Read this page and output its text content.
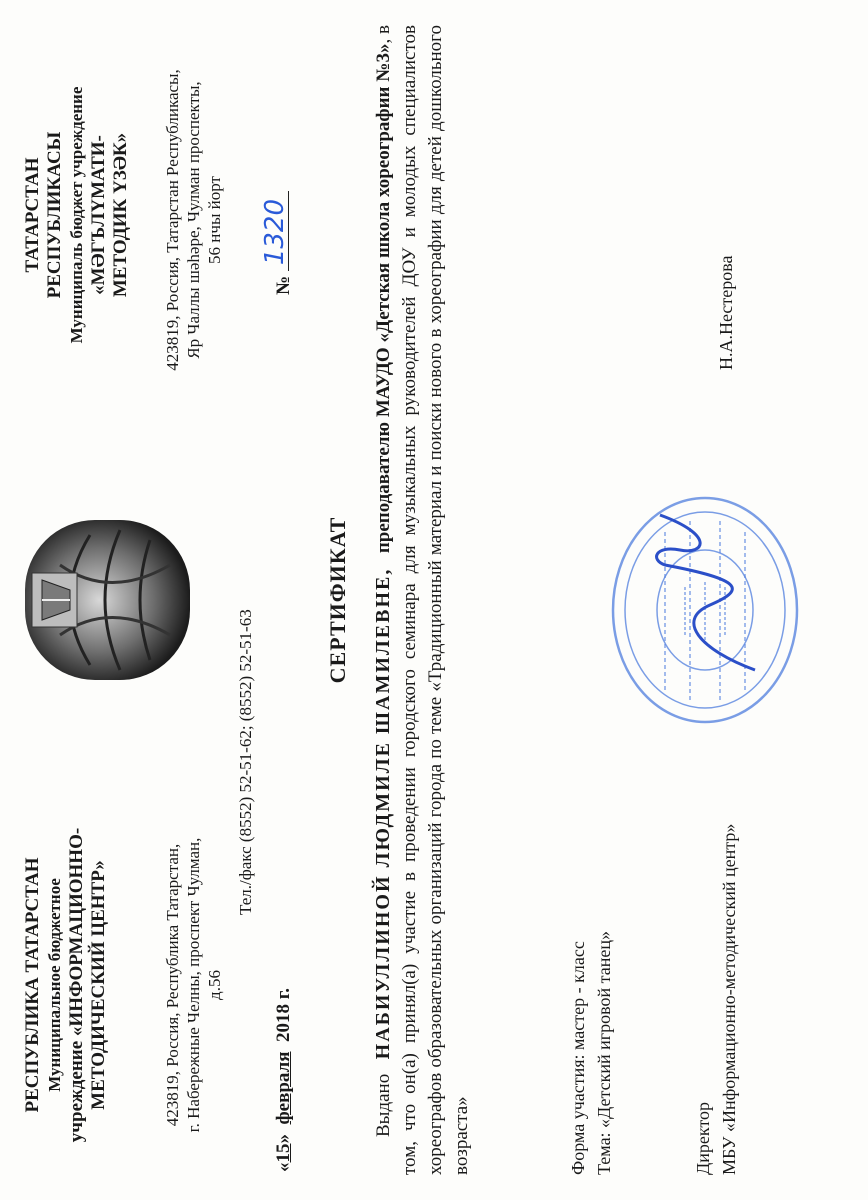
РЕСПУБЛИКА ТАТАРСТАН Муниципальное бюджетное учреждение «ИНФОРМАЦИОННО- МЕТОДИЧЕСКИЙ ЦЕНТР»	423819, Россия, Республика Татарстан, г. Набережные Челны, проспект Чулман, д.56
Тел./факс (8552) 52-51-62; (8552) 52-51-63
ТАТАРСТАН РЕСПУБЛИКАСЫ Муниципаль бюджет учреждение «МӘГЪЛҮМАТИ- МЕТОДИК ҮЗӘК» 423819, Россия, Татарстан Республикасы, Яр Чаллы шәһәре, Чулман проспекты, 56 нчы йорт
«15»  февраля  2018 г.
№
1320
СЕРТИФИКАТ
Выдано   НАБИУЛЛИНОЙ ЛЮДМИЛЕ ШАМИЛЕВНЕ,   преподавателю МАУДО «Детская школа хореографии №3», в том, что он(а) принял(а) участие в проведении городского семинара для музыкальных руководителей ДОУ и молодых специалистов хореографов образовательных организаций города по теме «Традиционный материал и поиски нового в хореографии для детей дошкольного возраста»	Форма участия: мастер - класс Тема: «Детский игровой танец»	Директор МБУ «Информационно-методический центр»
Н.А.Нестерова
